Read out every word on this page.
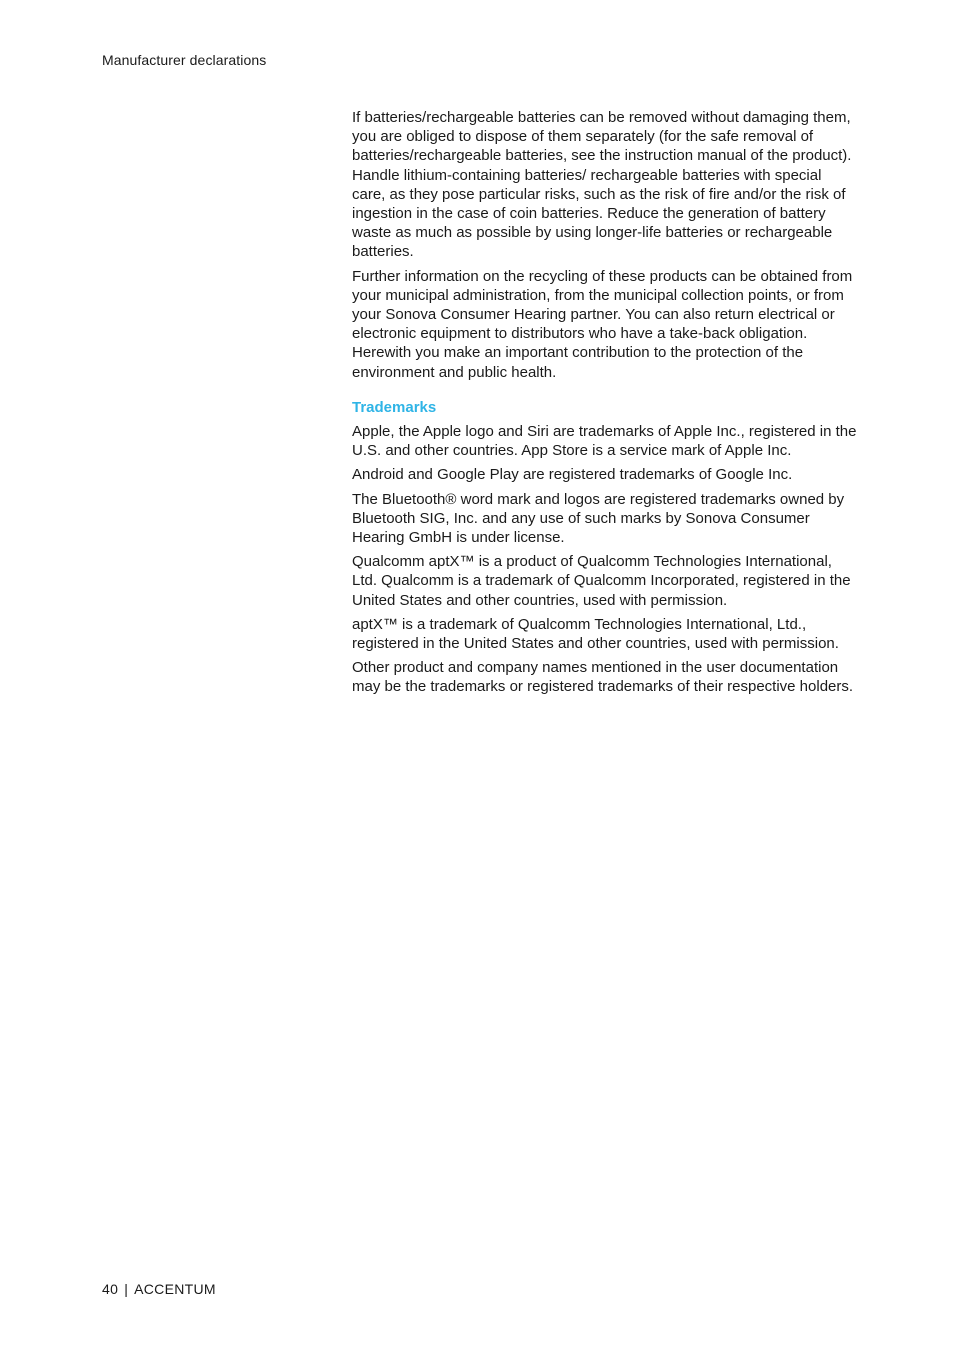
Manufacturer declarations

If batteries/rechargeable batteries can be removed without damaging them, you are obliged to dispose of them separately (for the safe removal of batteries/rechargeable batteries, see the instruction manual of the product). Handle lithium-containing batteries/ rechargeable batteries with special care, as they pose particular risks, such as the risk of fire and/or the risk of ingestion in the case of coin batteries. Reduce the generation of battery waste as much as possible by using longer-life batteries or rechargeable batteries.

Further information on the recycling of these products can be obtained from your municipal administration, from the municipal collection points, or from your Sonova Consumer Hearing partner. You can also return electrical or electronic equipment to distributors who have a take-back obligation. Herewith you make an important contribution to the protection of the environment and public health.

Trademarks

Apple, the Apple logo and Siri are trademarks of Apple Inc., registered in the U.S. and other countries. App Store is a service mark of Apple Inc.

Android and Google Play are registered trademarks of Google Inc.

The Bluetooth® word mark and logos are registered trademarks owned by Bluetooth SIG, Inc. and any use of such marks by Sonova Consumer Hearing GmbH is under license.

Qualcomm aptX™ is a product of Qualcomm Technologies International, Ltd. Qualcomm is a trademark of Qualcomm Incorporated, registered in the United States and other countries, used with permission.

aptX™ is a trademark of Qualcomm Technologies International, Ltd., registered in the United States and other countries, used with permission.

Other product and company names mentioned in the user documentation may be the trademarks or registered trademarks of their respective holders.

40 | ACCENTUM
